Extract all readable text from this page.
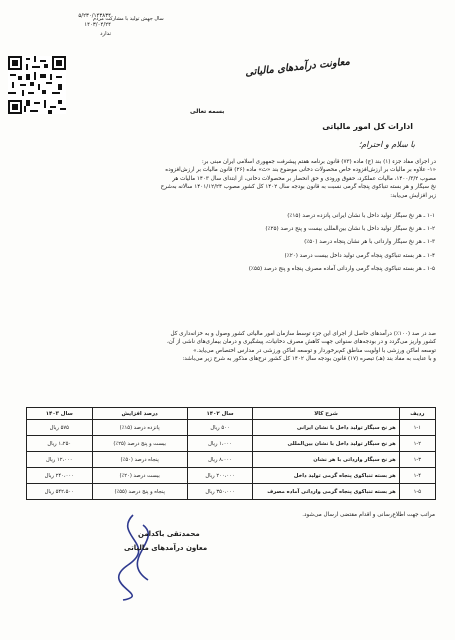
۵/۲۳۰/۱۴۳۸۳۴
۱۴۰۳/۰۴/۲۴
ندارد
سال جهش تولید با مشارکت مردم
معاونت درآمدهای مالیاتی
بسمه تعالی
ادارات کل امور مالیاتی
با سلام و احترام؛
در اجرای مفاد جزء (۱) بند (ج) ماده (۷۳) قانون برنامه هفتم پیشرفت جمهوری اسلامی ایران مبنی بر:
«۱- علاوه بر مالیات بر ارزش‌افزوده خاص محصولات دخانی موضوع بند «ث» ماده (۲۶) قانون مالیات بر ارزش‌افزوده
مصوب ۱۴۰۰/۳/۲، مالیات عملکرد، حقوق ورودی و حق انحصار بر محصولات دخانی، از ابتدای سال ۱۴۰۳ مالیات هر
نخ سیگار و هر بسته تنباکوی پنجاه گرمی نسبت به قانون بودجه سال ۱۴۰۲ کل کشور مصوب ۱۴۰۱/۱۲/۲۴ سالانه به‌شرح
زیر افزایش می‌یابد:
۱-۱ ـ هر نخ سیگار تولید داخل با نشان ایرانی پانزده درصد (۱۵٪)
۱-۲ ـ هر نخ سیگار تولید داخل با نشان بین‌المللی بیست و پنج درصد (۲۵٪)
۱-۳ ـ هر نخ سیگار وارداتی با هر نشان پنجاه درصد (۵۰٪)
۱-۴ ـ هر بسته تنباکوی پنجاه گرمی تولید داخل بیست درصد (۲۰٪)
۱-۵ ـ هر بسته تنباکوی پنجاه گرمی وارداتی آماده مصرف پنجاه و پنج درصد (۵۵٪)
صد در صد (۱۰۰٪) درآمدهای حاصل از اجرای این جزء توسط سازمان امور مالیاتی کشور وصول و به خزانه‌داری کل
کشور واریز می‌گردد و در بودجه‌های سنواتی جهت کاهش مصرف دخانیات، پیشگیری و درمان بیماری‌های ناشی از آن،
توسعه اماکن ورزشی با اولویت مناطق کم‌برخوردار و توسعه اماکن ورزشی در مدارس اختصاص می‌یابد.»
و با عنایت به مفاد بند (هـ) تبصره (۱۷) قانون بودجه سال ۱۴۰۲ کل کشور نرخ‌های مذکور به شرح زیر می‌باشد:
ردیف	شرح کالا	سال ۱۴۰۲	درصد افزایش	سال ۱۴۰۳
۱-۱	هر نخ سیگار تولید داخل با نشان ایرانی	۵۰۰ ریال	پانزده درصد (۱۵٪)	۵۷۵ ریال
۱-۲	هر نخ سیگار تولید داخل با نشان بین‌المللی	۱،۰۰۰ ریال	بیست و پنج درصد (۲۵٪)	۱،۲۵۰ ریال
۱-۳	هر نخ سیگار وارداتی با هر نشان	۸،۰۰۰ ریال	پنجاه درصد (۵۰٪)	۱۲،۰۰۰ ریال
۱-۴	هر بسته تنباکوی پنجاه گرمی تولید داخل	۲۰۰،۰۰۰ ریال	بیست درصد (۲۰٪)	۲۴۰،۰۰۰ ریال
۱-۵	هر بسته تنباکوی پنجاه گرمی وارداتی آماده مصرف	۳۵۰،۰۰۰ ریال	پنجاه و پنج درصد (۵۵٪)	۵۴۲،۵۰۰ ریال
مراتب جهت اطلاع‌رسانی و اقدام مقتضی ارسال می‌شود.
محمدتقی باکدامن
معاون درآمدهای مالیاتی
